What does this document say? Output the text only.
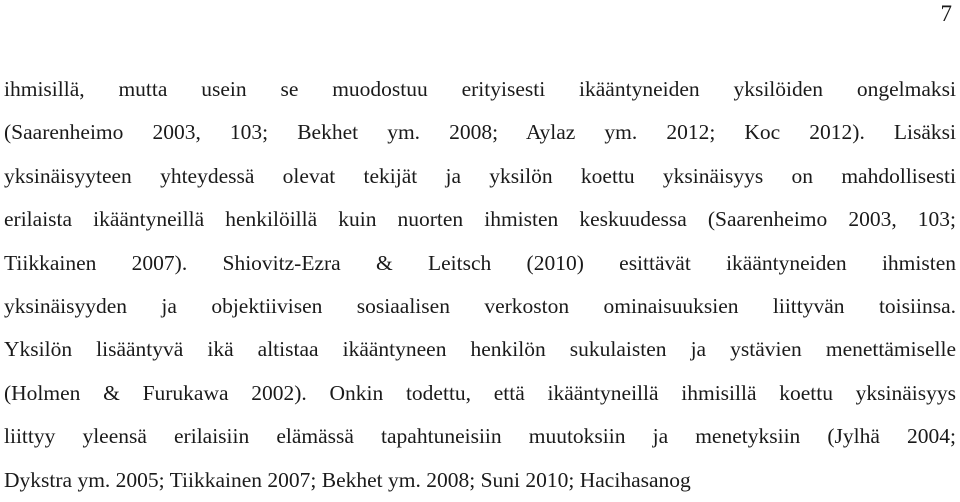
7
ihmisillä, mutta usein se muodostuu erityisesti ikääntyneiden yksilöiden ongelmaksi
(Saarenheimo 2003, 103; Bekhet ym. 2008; Aylaz ym. 2012; Koc 2012). Lisäksi
yksinäisyyteen yhteydessä olevat tekijät ja yksilön koettu yksinäisyys on mahdollisesti
erilaista ikääntyneillä henkilöillä kuin nuorten ihmisten keskuudessa (Saarenheimo 2003, 103;
Tiikkainen 2007). Shiovitz-Ezra & Leitsch (2010) esittävät ikääntyneiden ihmisten
yksinäisyyden ja objektiivisen sosiaalisen verkoston ominaisuuksien liittyvän toisiinsa.
Yksilön lisääntyvä ikä altistaa ikääntyneen henkilön sukulaisten ja ystävien menettämiselle
(Holmen & Furukawa 2002). Onkin todettu, että ikääntyneillä ihmisillä koettu yksinäisyys
liittyy yleensä erilaisiin elämässä tapahtuneisiin muutoksiin ja menetyksiin (Jylhä 2004;
Dykstra ym. 2005; Tiikkainen 2007; Bekhet ym. 2008; Suni 2010; Hacihasanog
